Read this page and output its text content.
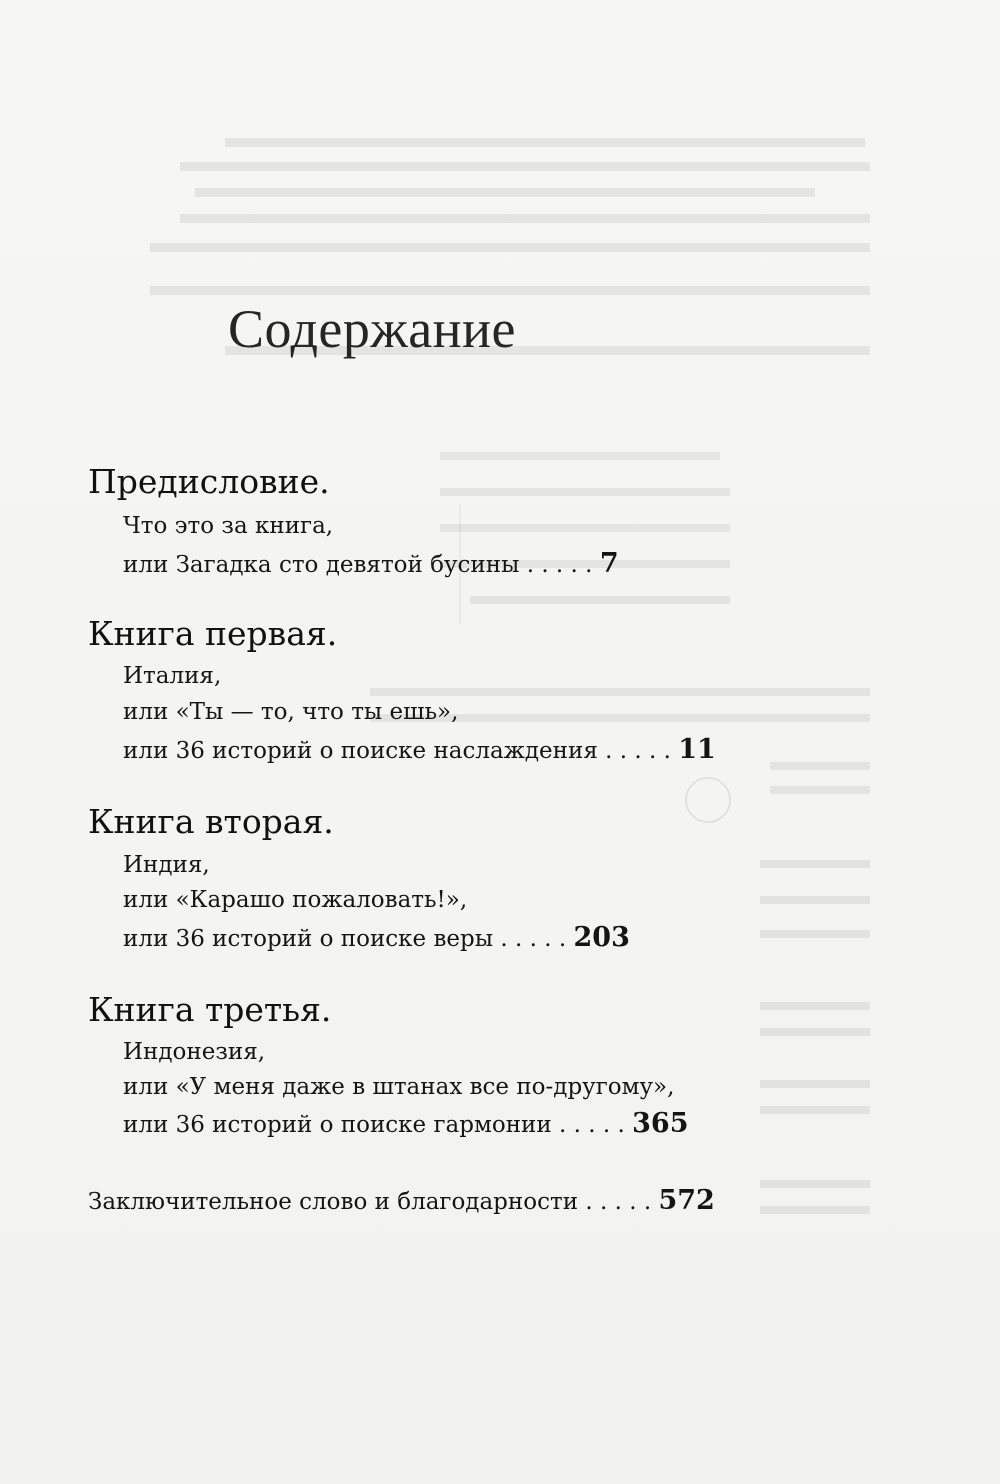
Содержание
Предисловие.
Что это за книга,
или Загадка сто девятой бусины . . . . . 7
Книга первая.
Италия,
или «Ты — то, что ты ешь»,
или 36 историй о поиске наслаждения . . . . . 11
Книга вторая.
Индия,
или «Карашо пожаловать!»,
или 36 историй о поиске веры . . . . . 203
Книга третья.
Индонезия,
или «У меня даже в штанах все по-другому»,
или 36 историй о поиске гармонии . . . . . 365
Заключительное слово и благодарности . . . . . 572
